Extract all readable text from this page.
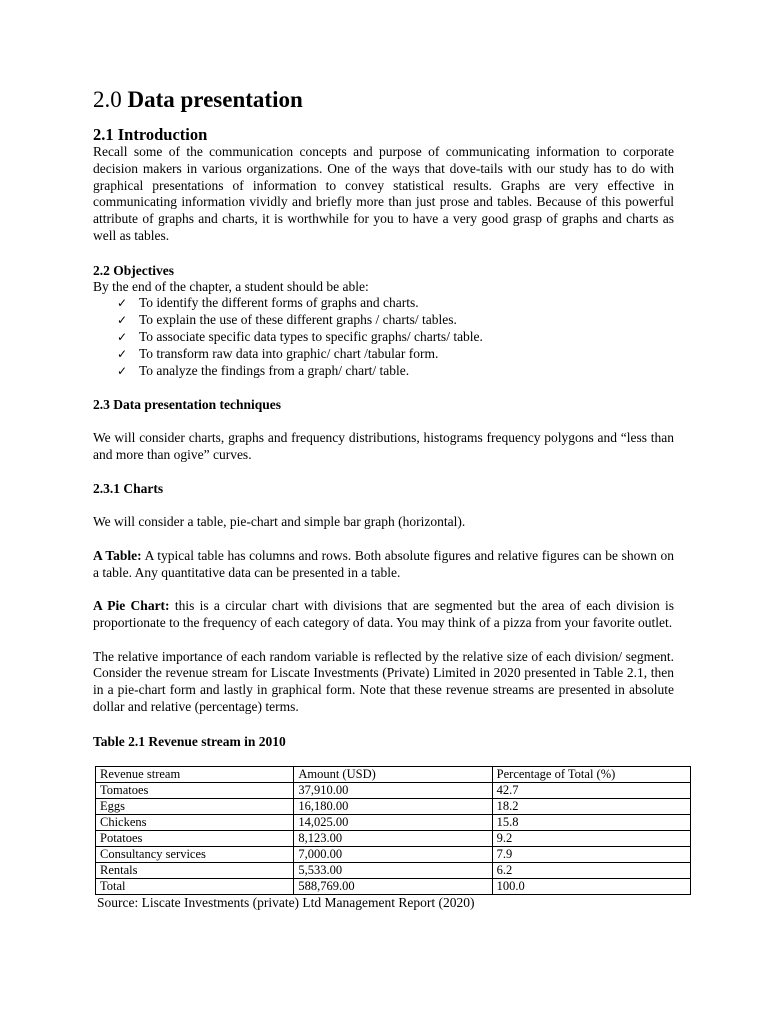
2.0 Data presentation
2.1 Introduction

Recall some of the communication concepts and purpose of communicating information to corporate decision makers in various organizations. One of the ways that dove-tails with our study has to do with graphical presentations of information to convey statistical results. Graphs are very effective in communicating information vividly and briefly more than just prose and tables. Because of this powerful attribute of graphs and charts, it is worthwhile for you to have a very good grasp of graphs and charts as well as tables.

2.2 Objectives

By the end of the chapter, a student should be able:

✓ To identify the different forms of graphs and charts.
✓ To explain the use of these different graphs / charts/ tables.
✓ To associate specific data types to specific graphs/ charts/ table.
✓ To transform raw data into graphic/ chart /tabular form.
✓ To analyze the findings from a graph/ chart/ table.
2.3 Data presentation techniques

We will consider charts, graphs and frequency distributions, histograms frequency polygons and “less than and more than ogive” curves.

2.3.1 Charts

We will consider a table, pie-chart and simple bar graph (horizontal).

A Table: A typical table has columns and rows. Both absolute figures and relative figures can be shown on a table. Any quantitative data can be presented in a table.

A Pie Chart: this is a circular chart with divisions that are segmented but the area of each division is proportionate to the frequency of each category of data. You may think of a pizza from your favorite outlet.

The relative importance of each random variable is reflected by the relative size of each division/ segment. Consider the revenue stream for Liscate Investments (Private) Limited in 2020 presented in Table 2.1, then in a pie-chart form and lastly in graphical form. Note that these revenue streams are presented in absolute dollar and relative (percentage) terms.

Table 2.1 Revenue stream in 2010
Revenue stream	Amount (USD)	Percentage of Total (%)
Tomatoes	37,910.00	42.7
Eggs	16,180.00	18.2
Chickens	14,025.00	15.8
Potatoes	8,123.00	9.2
Consultancy services	7,000.00	7.9
Rentals	5,533.00	6.2
Total	588,769.00	100.0
Source: Liscate Investments (private) Ltd Management Report (2020)
